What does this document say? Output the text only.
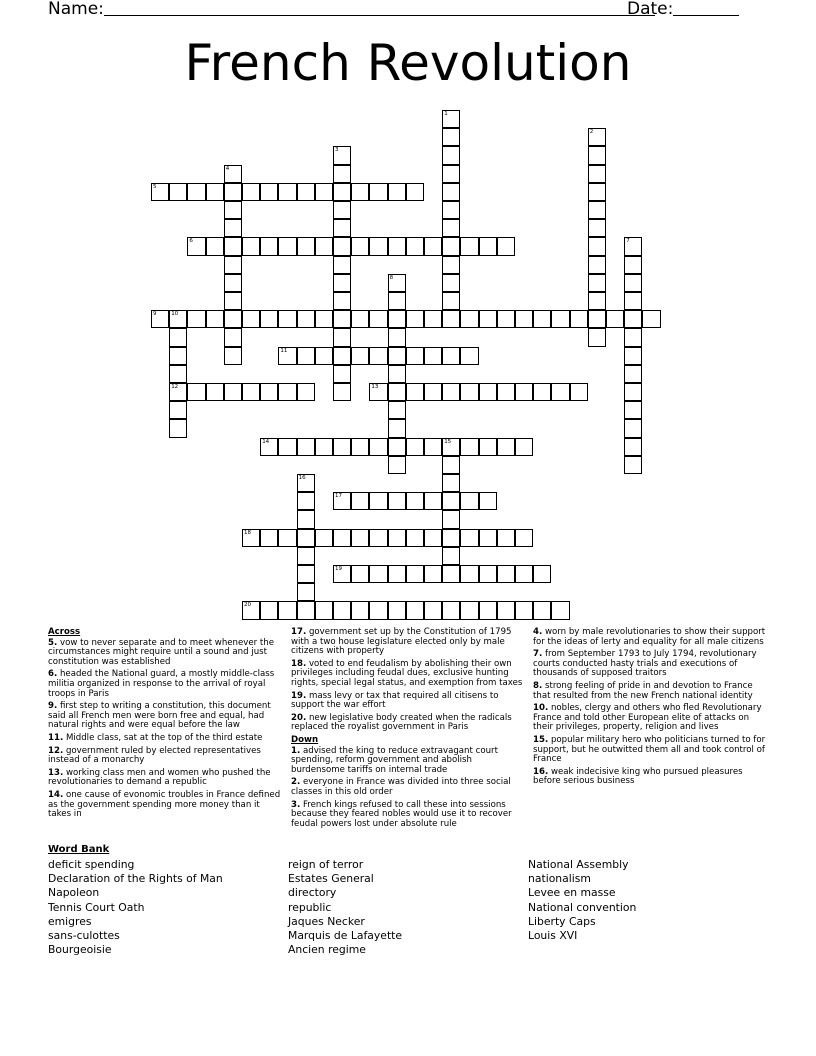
Name:	Date:
French Revolution
1
2
3
4
5
6	7
8
9	10
12
11
13
14	15
16
17
18
19
20
Across
5. vow to never separate and to meet whenever the circumstances might require until a sound and just constitution was established
6. headed the National guard, a mostly middle-class militia organized in response to the arrival of royal troops in Paris
9. first step to writing a constitution, this document said all French men were born free and equal, had natural rights and were equal before the law
11. Middle class, sat at the top of the third estate
12. government ruled by elected representatives instead of a monarchy
13. working class men and women who pushed the revolutionaries to demand a republic
14. one cause of evonomic troubles in France defined as the government spending more money than it takes in
17. government set up by the Constitution of 1795 with a two house legislature elected only by male citizens with property
18. voted to end feudalism by abolishing their own privileges including feudal dues, exclusive hunting rights, special legal status, and exemption from taxes
19. mass levy or tax that required all citisens to support the war effort
20. new legislative body created when the radicals replaced the royalist government in Paris
Down
1. advised the king to reduce extravagant court spending, reform government and abolish burdensome tariffs on internal trade
2. everyone in France was divided into three social classes in this old order
3. French kings refused to call these into sessions because they feared nobles would use it to recover feudal powers lost under absolute rule
4. worn by male revolutionaries to show their support for the ideas of lerty and equality for all male citizens
7. from September 1793 to July 1794, revolutionary courts conducted hasty trials and executions of thousands of supposed traitors
8. strong feeling of pride in and devotion to France that resulted from the new French national identity
10. nobles, clergy and others who fled Revolutionary France and told other European elite of attacks on their privileges, property, religion and lives
15. popular military hero who politicians turned to for support, but he outwitted them all and took control of France
16. weak indecisive king who pursued pleasures before serious business
Word Bank
deficit spending
Declaration of the Rights of Man
Napoleon
Tennis Court Oath
emigres
sans-culottes
Bourgeoisie
reign of terror
Estates General
directory
republic
Jaques Necker
Marquis de Lafayette
Ancien regime
National Assembly
nationalism
Levee en masse
National convention
Liberty Caps
Louis XVI
